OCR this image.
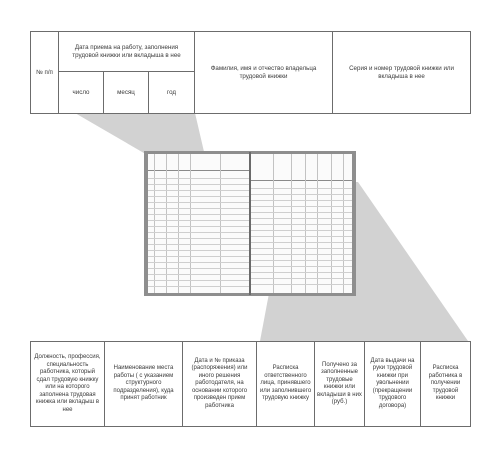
№ п/п	Дата приема на работу, заполнения трудовой книжки или вкладыша в нее			Фамилия, имя и отчество владельца трудовой книжки	Серия и номер трудовой книжки или вкладыша в нее
	число	месяц	год		
Должность, профессия, специальность работника, который сдал трудовую книжку или на которого заполнена трудовая книжка или вкладыш в нее	Наименование места работы ( с указанием структурного подразделения), куда принят работник	Дата и № приказа (распоряжения) или иного решения работодателя, на основании которого произведен прием работника	Расписка ответственного лица, принявшего или заполнившего трудовую книжку	Получено за заполненные трудовые книжки или вкладыши в них (руб.)	Дата выдачи на руки трудовой книжки при увольнении (прекращении трудового договора)	Расписка работника в получении трудовой книжки
